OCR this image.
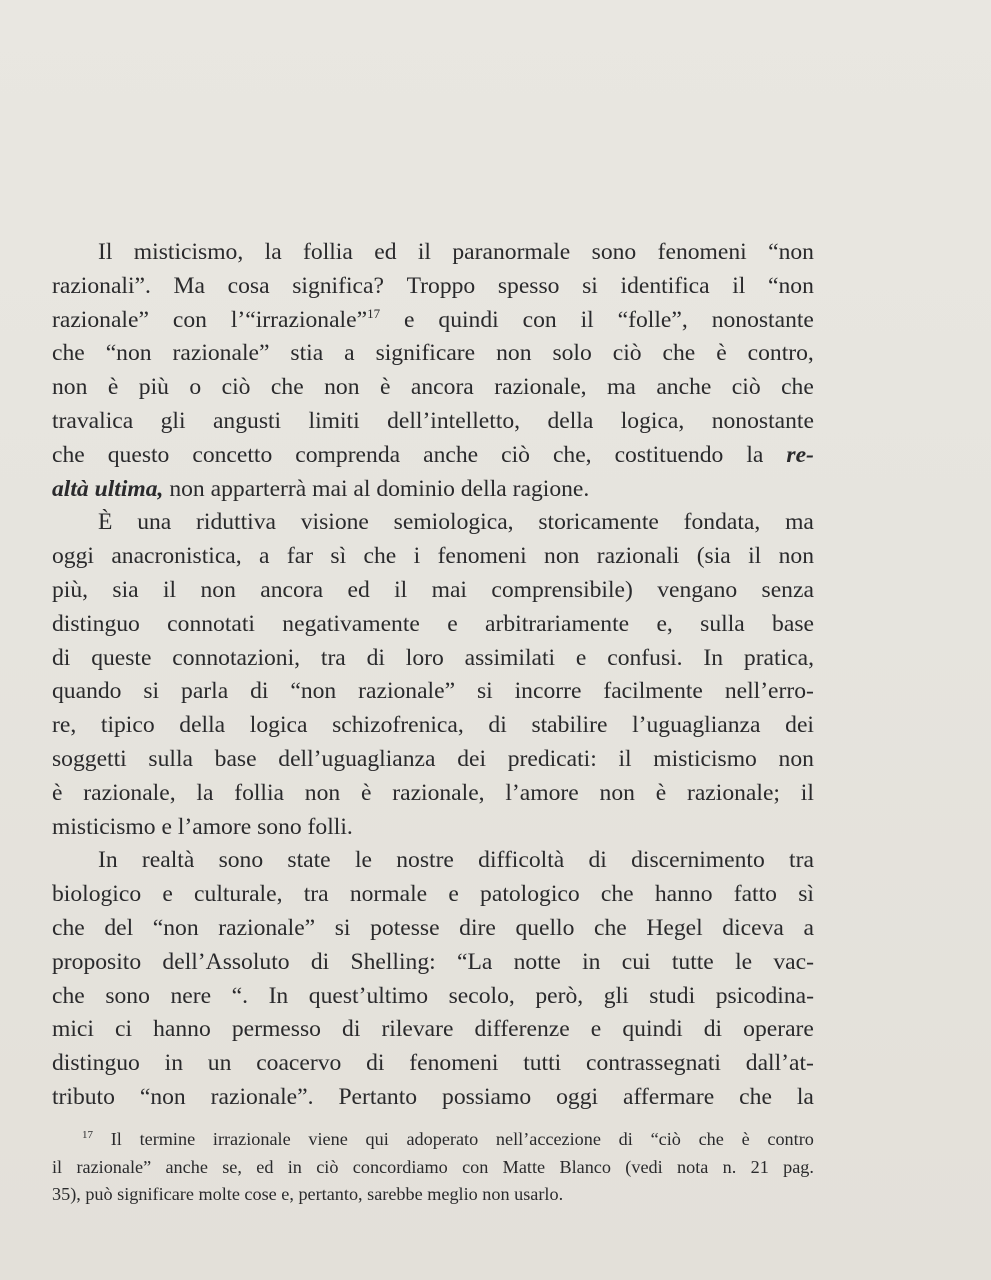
Il misticismo, la follia ed il paranormale sono fenomeni “non
razionali”. Ma cosa significa? Troppo spesso si identifica il “non
razionale” con l’“irrazionale”$^{17}$ e quindi con il “folle”, nonostante
che “non razionale” stia a significare non solo ciò che è contro,
non è più o ciò che non è ancora razionale, ma anche ciò che
travalica gli angusti limiti dell’intelletto, della logica, nonostante
che questo concetto comprenda anche ciò che, costituendo la re-
altà ultima, non apparterrà mai al dominio della ragione.
È una riduttiva visione semiologica, storicamente fondata, ma
oggi anacronistica, a far sì che i fenomeni non razionali (sia il non
più, sia il non ancora ed il mai comprensibile) vengano senza
distinguo connotati negativamente e arbitrariamente e, sulla base
di queste connotazioni, tra di loro assimilati e confusi. In pratica,
quando si parla di “non razionale” si incorre facilmente nell’erro-
re, tipico della logica schizofrenica, di stabilire l’uguaglianza dei
soggetti sulla base dell’uguaglianza dei predicati: il misticismo non
è razionale, la follia non è razionale, l’amore non è razionale; il
misticismo e l’amore sono folli.
In realtà sono state le nostre difficoltà di discernimento tra
biologico e culturale, tra normale e patologico che hanno fatto sì
che del “non razionale” si potesse dire quello che Hegel diceva a
proposito dell’Assoluto di Shelling: “La notte in cui tutte le vac-
che sono nere “. In quest’ultimo secolo, però, gli studi psicodina-
mici ci hanno permesso di rilevare differenze e quindi di operare
distinguo in un coacervo di fenomeni tutti contrassegnati dall’at-
tributo “non razionale”. Pertanto possiamo oggi affermare che la
$^{17}$ Il termine irrazionale viene qui adoperato nell’accezione di “ciò che è contro
il razionale” anche se, ed in ciò concordiamo con Matte Blanco (vedi nota n. 21 pag.
35), può significare molte cose e, pertanto, sarebbe meglio non usarlo.
